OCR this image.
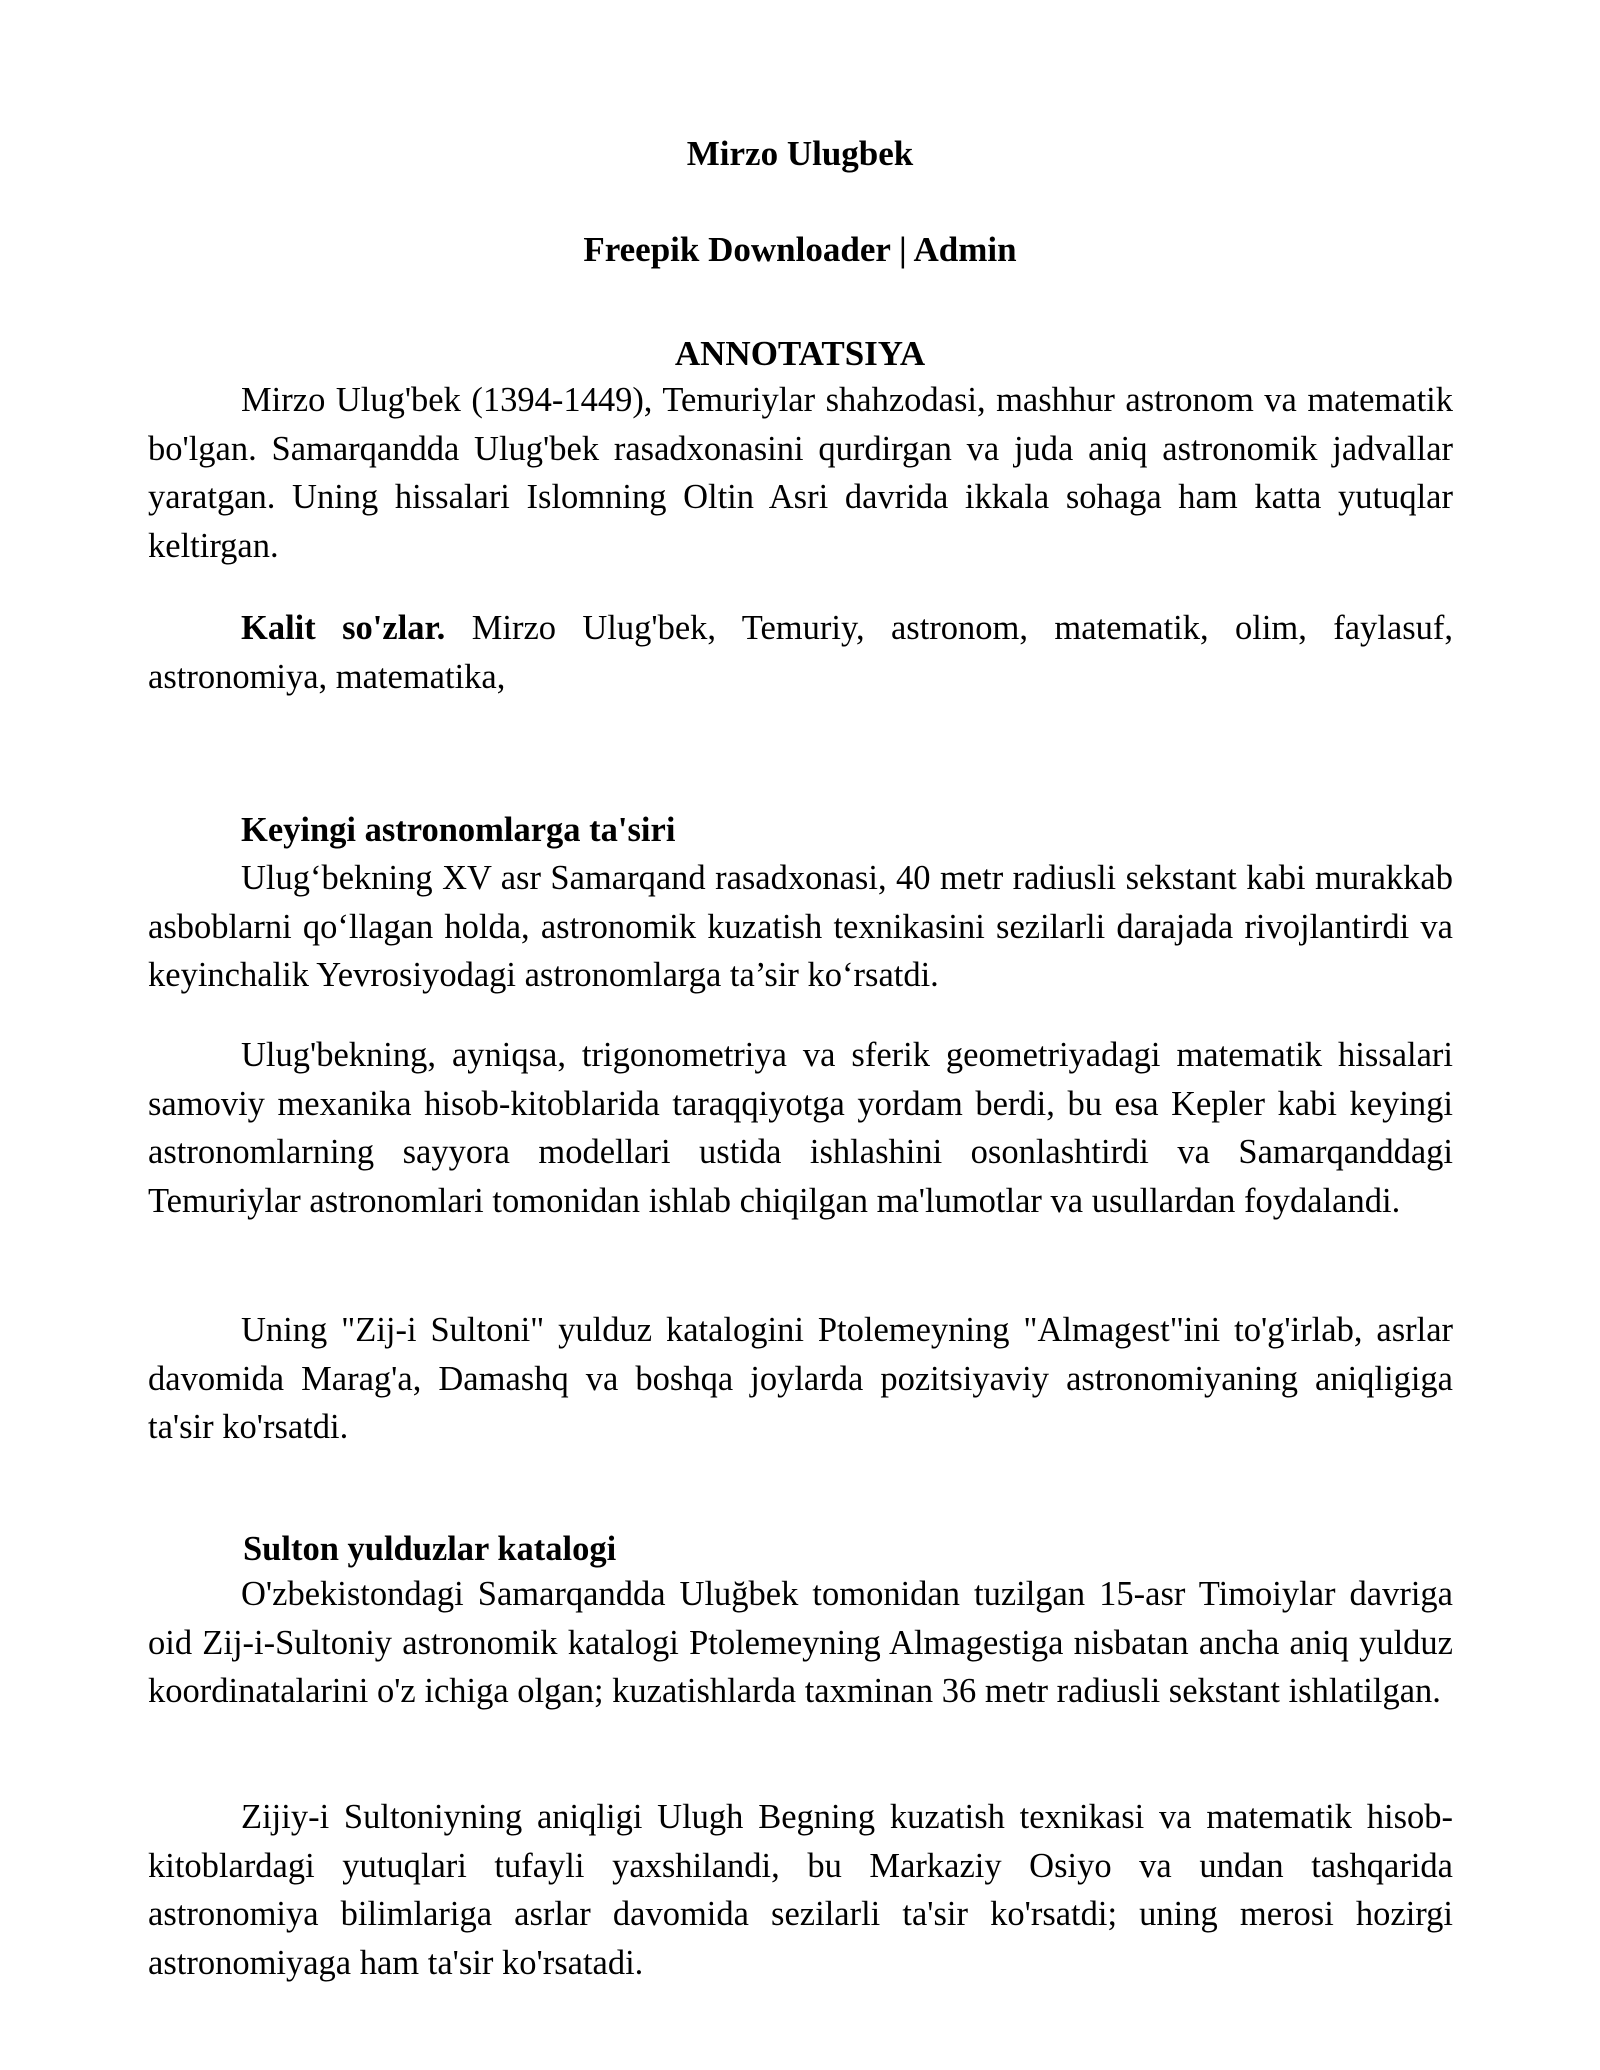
Mirzo Ulugbek
Freepik Downloader | Admin
ANNOTATSIYA

Mirzo Ulug'bek (1394-1449), Temuriylar shahzodasi, mashhur astronom va matematik bo'lgan. Samarqandda Ulug'bek rasadxonasini qurdirgan va juda aniq astronomik jadvallar yaratgan. Uning hissalari Islomning Oltin Asri davrida ikkala sohaga ham katta yutuqlar keltirgan.

Kalit so'zlar. Mirzo Ulug'bek, Temuriy, astronom, matematik, olim, faylasuf, astronomiya, matematika,

Keyingi astronomlarga ta'siri

Ulug‘bekning XV asr Samarqand rasadxonasi, 40 metr radiusli sekstant kabi murakkab asboblarni qo‘llagan holda, astronomik kuzatish texnikasini sezilarli darajada rivojlantirdi va keyinchalik Yevrosiyodagi astronomlarga ta’sir ko‘rsatdi.

Ulug'bekning, ayniqsa, trigonometriya va sferik geometriyadagi matematik hissalari samoviy mexanika hisob-kitoblarida taraqqiyotga yordam berdi, bu esa Kepler kabi keyingi astronomlarning sayyora modellari ustida ishlashini osonlashtirdi va Samarqanddagi Temuriylar astronomlari tomonidan ishlab chiqilgan ma'lumotlar va usullardan foydalandi.

Uning "Zij-i Sultoni" yulduz katalogini Ptolemeyning "Almagest"ini to'g'irlab, asrlar davomida Marag'a, Damashq va boshqa joylarda pozitsiyaviy astronomiyaning aniqligiga ta'sir ko'rsatdi.

Sulton yulduzlar katalogi

O'zbekistondagi Samarqandda Uluğbek tomonidan tuzilgan 15-asr Timoiylar davriga oid Zij-i-Sultoniy astronomik katalogi Ptolemeyning Almagestiga nisbatan ancha aniq yulduz koordinatalarini o'z ichiga olgan; kuzatishlarda taxminan 36 metr radiusli sekstant ishlatilgan.

Zijiy-i Sultoniyning aniqligi Ulugh Begning kuzatish texnikasi va matematik hisob-kitoblardagi yutuqlari tufayli yaxshilandi, bu Markaziy Osiyo va undan tashqarida astronomiya bilimlariga asrlar davomida sezilarli ta'sir ko'rsatdi; uning merosi hozirgi astronomiyaga ham ta'sir ko'rsatadi.
